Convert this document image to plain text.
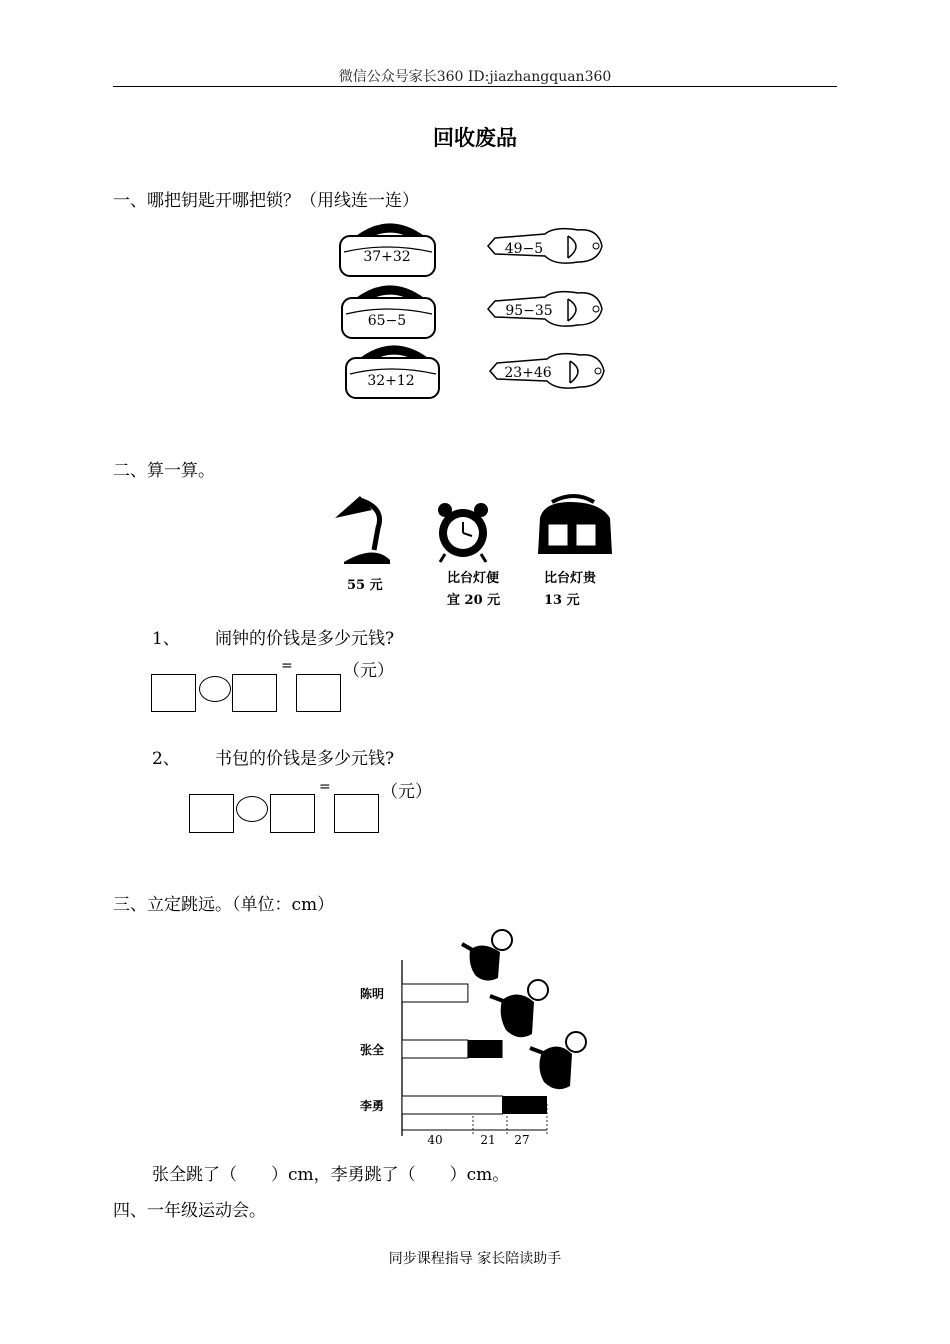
微信公众号家长360 ID:jiazhangquan360
回收废品
一、哪把钥匙开哪把锁？（用线连一连）
37+32
65−5
32+12
49−5
95−35
23+46
二、算一算。
55 元	比台灯便
宜 20 元
比台灯贵
13 元
1、 闹钟的价钱是多少元钱?
=	（元）
2、 书包的价钱是多少元钱?
=	（元）
三、立定跳远。（单位：cm）
陈明
张全
李勇
40	21 27
张全跳了（　　）cm，李勇跳了（　　）cm。
四、一年级运动会。
同步课程指导 家长陪读助手
